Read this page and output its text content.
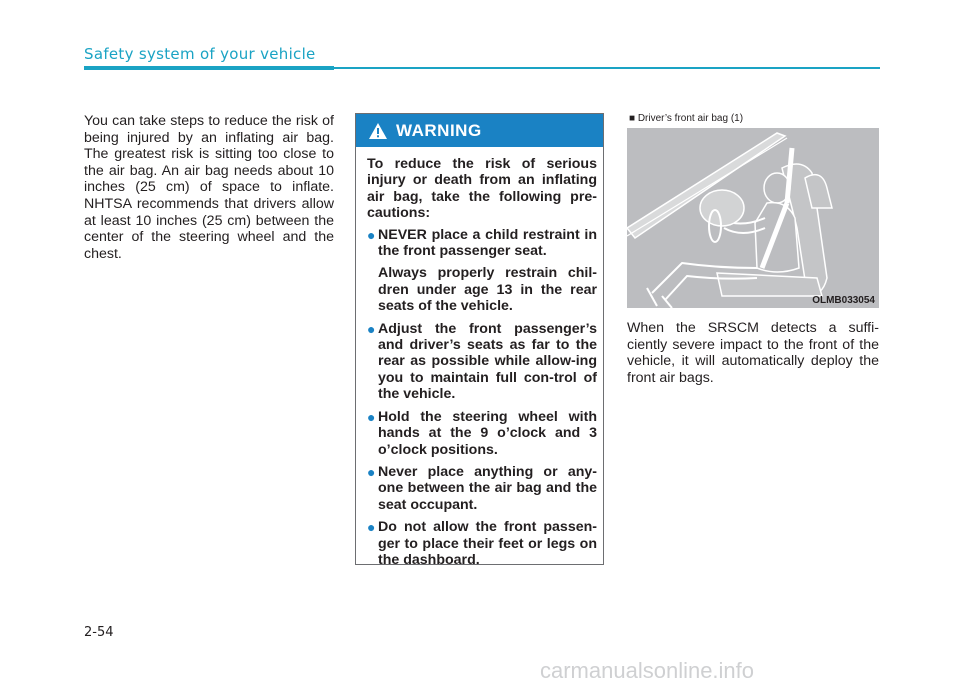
Safety system of your vehicle

You can take steps to reduce the risk of being injured by an inflating air bag. The greatest risk is sitting too close to the air bag. An air bag needs about 10 inches (25 cm) of space to inflate. NHTSA recommends that drivers allow at least 10 inches (25 cm) between the center of the steering wheel and the chest.

WARNING

To reduce the risk of serious injury or death from an inflating air bag, take the following pre-cautions:

● NEVER place a child restraint in the front passenger seat.

Always properly restrain chil-dren under age 13 in the rear seats of the vehicle.

● Adjust the front passenger’s and driver’s seats as far to the rear as possible while allow-ing you to maintain full con-trol of the vehicle.

● Hold the steering wheel with hands at the 9 o’clock and 3 o’clock positions.

● Never place anything or any-one between the air bag and the seat occupant.

● Do not allow the front passen-ger to place their feet or legs on the dashboard.

■ Driver’s front air bag (1)
OLMB033054

When the SRSCM detects a suffi-ciently severe impact to the front of the vehicle, it will automatically deploy the front air bags.

2-54
carmanualsonline.info
